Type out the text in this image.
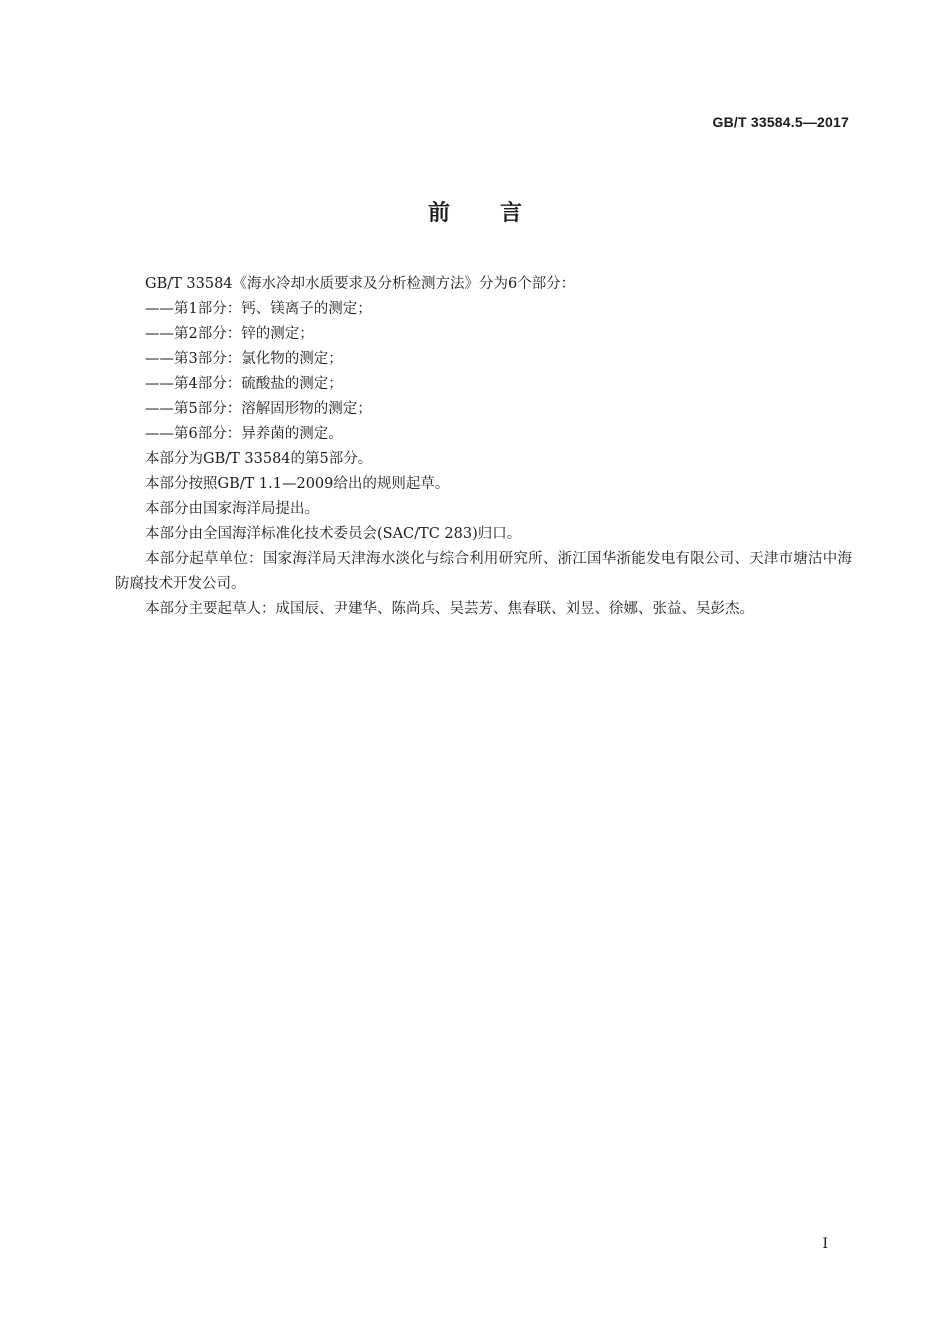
GB/T 33584.5—2017
前言

GB/T 33584《海水冷却水质要求及分析检测方法》分为6个部分：

——第1部分：钙、镁离子的测定；

——第2部分：锌的测定；

——第3部分：氯化物的测定；

——第4部分：硫酸盐的测定；

——第5部分：溶解固形物的测定；

——第6部分：异养菌的测定。

本部分为GB/T 33584的第5部分。

本部分按照GB/T 1.1—2009给出的规则起草。

本部分由国家海洋局提出。

本部分由全国海洋标准化技术委员会(SAC/TC 283)归口。

本部分起草单位：国家海洋局天津海水淡化与综合利用研究所、浙江国华浙能发电有限公司、天津市塘沽中海防腐技术开发公司。

本部分主要起草人：成国辰、尹建华、陈尚兵、吴芸芳、焦春联、刘昱、徐娜、张益、吴彭杰。

I
